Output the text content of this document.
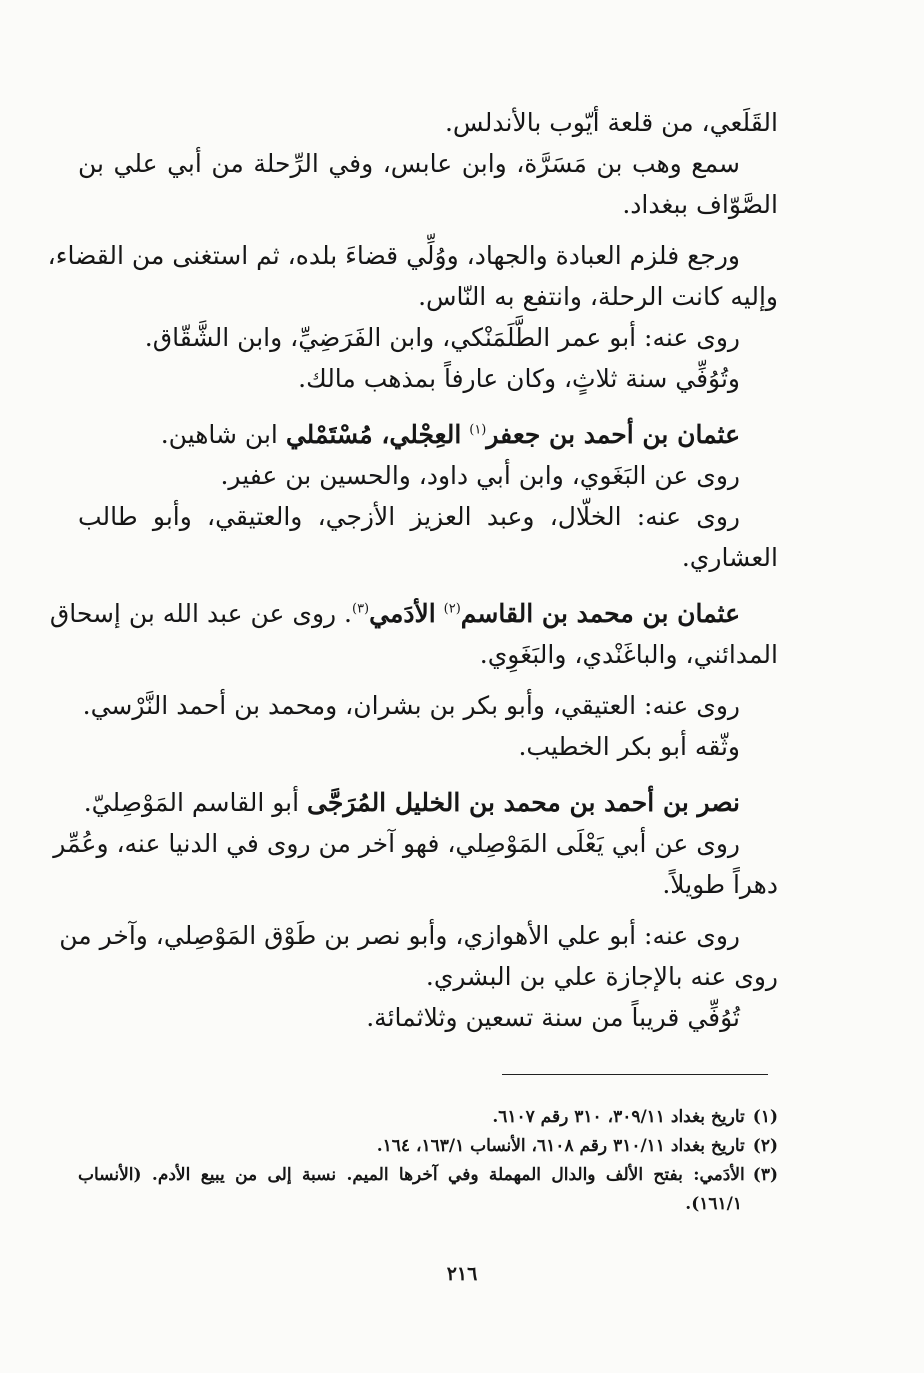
القَلَعي، من قلعة أيّوب بالأندلس.
سمع وهب بن مَسَرَّة، وابن عابس، وفي الرِّحلة من أبي علي بن
الصَّوّاف ببغداد.
ورجع فلزم العبادة والجهاد، ووُلِّي قضاءَ بلده، ثم استغنى من القضاء،
وإليه كانت الرحلة، وانتفع به النّاس.
روى عنه: أبو عمر الطَّلَمَنْكي، وابن الفَرَضِيِّ، وابن الشَّقّاق.
وتُوُفِّي سنة ثلاثٍ، وكان عارفاً بمذهب مالك.
عثمان بن أحمد بن جعفر$^{(١)}$ العِجْلي، مُسْتَمْلي ابن شاهين.
روى عن البَغَوي، وابن أبي داود، والحسين بن عفير.
روى عنه: الخلّال، وعبد العزيز الأزجي، والعتيقي، وأبو طالب
العشاري.
عثمان بن محمد بن القاسم$^{(٢)}$ الأدَمي$^{(٣)}$. روى عن عبد الله بن إسحاق
المدائني، والباغَنْدي، والبَغَوِي.
روى عنه: العتيقي، وأبو بكر بن بشران، ومحمد بن أحمد النَّرْسي.
وثّقه أبو بكر الخطيب.
نصر بن أحمد بن محمد بن الخليل المُرَجَّى أبو القاسم المَوْصِليّ.
روى عن أبي يَعْلَى المَوْصِلي، فهو آخر من روى في الدنيا عنه، وعُمِّر
دهراً طويلاً.
روى عنه: أبو علي الأهوازي، وأبو نصر بن طَوْق المَوْصِلي، وآخر من
روى عنه بالإجازة علي بن البشري.
تُوُفِّي قريباً من سنة تسعين وثلاثمائة.
(١)تاريخ بغداد ٣٠٩/١١، ٣١٠ رقم ٦١٠٧.
(٢)تاريخ بغداد ٣١٠/١١ رقم ٦١٠٨، الأنساب ١٦٣/١، ١٦٤.
(٣)الأدَمي: بفتح الألف والدال المهملة وفي آخرها الميم. نسبة إلى من يبيع الأدم. (الأنساب
١٦١/١).
٢١٦
